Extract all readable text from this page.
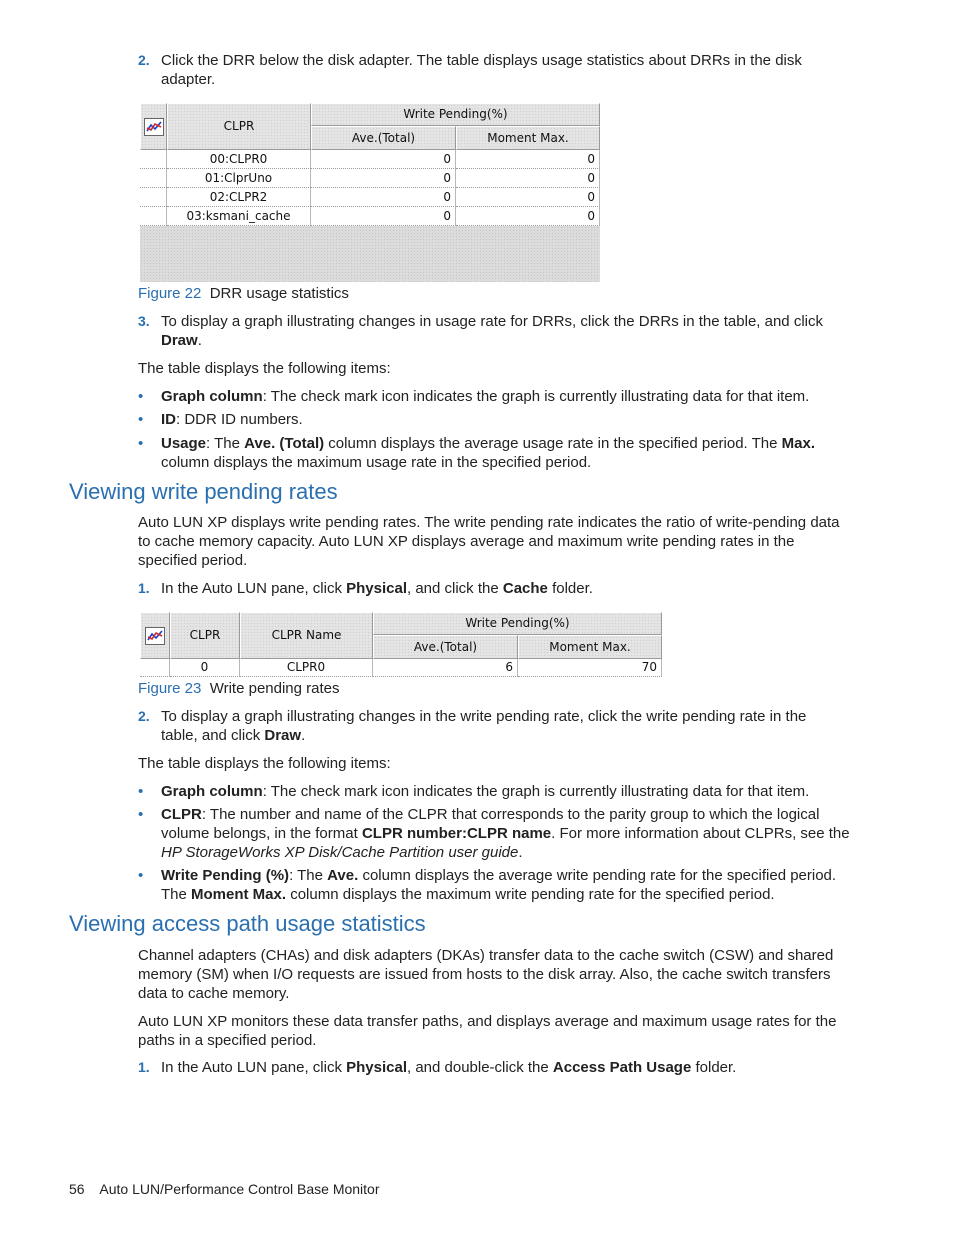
2. Click the DRR below the disk adapter. The table displays usage statistics about DRRs in the disk
adapter.
CLPR
Write Pending(%)
Ave.(Total)	Moment Max.
00:CLPR0	0	0
01:ClprUno	0	0
02:CLPR2	0	0
03:ksmani_cache	0	0
Figure 22 DRR usage statistics
3. To display a graph illustrating changes in usage rate for DRRs, click the DRRs in the table, and click
Draw.
The table displays the following items:
• Graph column: The check mark icon indicates the graph is currently illustrating data for that item.
• ID: DDR ID numbers.
• Usage: The Ave. (Total) column displays the average usage rate in the specified period. The Max.
column displays the maximum usage rate in the specified period.
Viewing write pending rates
Auto LUN XP displays write pending rates. The write pending rate indicates the ratio of write-pending data
to cache memory capacity. Auto LUN XP displays average and maximum write pending rates in the
specified period.
1. In the Auto LUN pane, click Physical, and click the Cache folder.
CLPR	CLPR Name
Write Pending(%)
Ave.(Total)	Moment Max.
0	CLPR0	6	70
Figure 23 Write pending rates
2. To display a graph illustrating changes in the write pending rate, click the write pending rate in the
table, and click Draw.
The table displays the following items:
• Graph column: The check mark icon indicates the graph is currently illustrating data for that item.
• CLPR: The number and name of the CLPR that corresponds to the parity group to which the logical
volume belongs, in the format CLPR number:CLPR name. For more information about CLPRs, see the
HP StorageWorks XP Disk/Cache Partition user guide.
• Write Pending (%): The Ave. column displays the average write pending rate for the specified period.
The Moment Max. column displays the maximum write pending rate for the specified period.
Viewing access path usage statistics
Channel adapters (CHAs) and disk adapters (DKAs) transfer data to the cache switch (CSW) and shared
memory (SM) when I/O requests are issued from hosts to the disk array. Also, the cache switch transfers
data to cache memory.
Auto LUN XP monitors these data transfer paths, and displays average and maximum usage rates for the
paths in a specified period.
1. In the Auto LUN pane, click Physical, and double-click the Access Path Usage folder.
56 Auto LUN/Performance Control Base Monitor
